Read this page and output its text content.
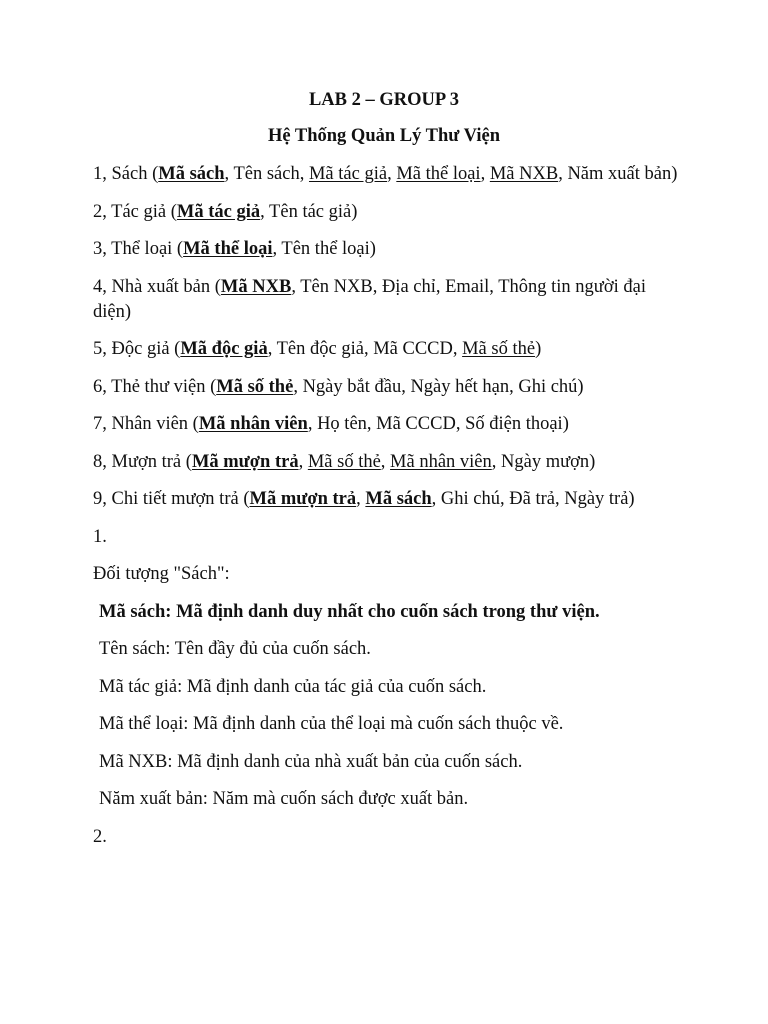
LAB 2 – GROUP 3
Hệ Thống Quản Lý Thư Viện
1, Sách (Mã sách, Tên sách, Mã tác giả, Mã thể loại, Mã NXB, Năm xuất bản)
2, Tác giả (Mã tác giả, Tên tác giả)
3, Thể loại (Mã thể loại, Tên thể loại)
4, Nhà xuất bản (Mã NXB, Tên NXB, Địa chỉ, Email, Thông tin người đại diện)
5, Độc giả (Mã độc giả, Tên độc giả, Mã CCCD, Mã số thẻ)
6, Thẻ thư viện (Mã số thẻ, Ngày bắt đầu, Ngày hết hạn, Ghi chú)
7, Nhân viên (Mã nhân viên, Họ tên, Mã CCCD, Số điện thoại)
8, Mượn trả (Mã mượn trả, Mã số thẻ, Mã nhân viên, Ngày mượn)
9, Chi tiết mượn trả (Mã mượn trả, Mã sách, Ghi chú, Đã trả, Ngày trả)
1.
Đối tượng "Sách":
Mã sách: Mã định danh duy nhất cho cuốn sách trong thư viện.
Tên sách: Tên đầy đủ của cuốn sách.
Mã tác giả: Mã định danh của tác giả của cuốn sách.
Mã thể loại: Mã định danh của thể loại mà cuốn sách thuộc về.
Mã NXB: Mã định danh của nhà xuất bản của cuốn sách.
Năm xuất bản: Năm mà cuốn sách được xuất bản.
2.
